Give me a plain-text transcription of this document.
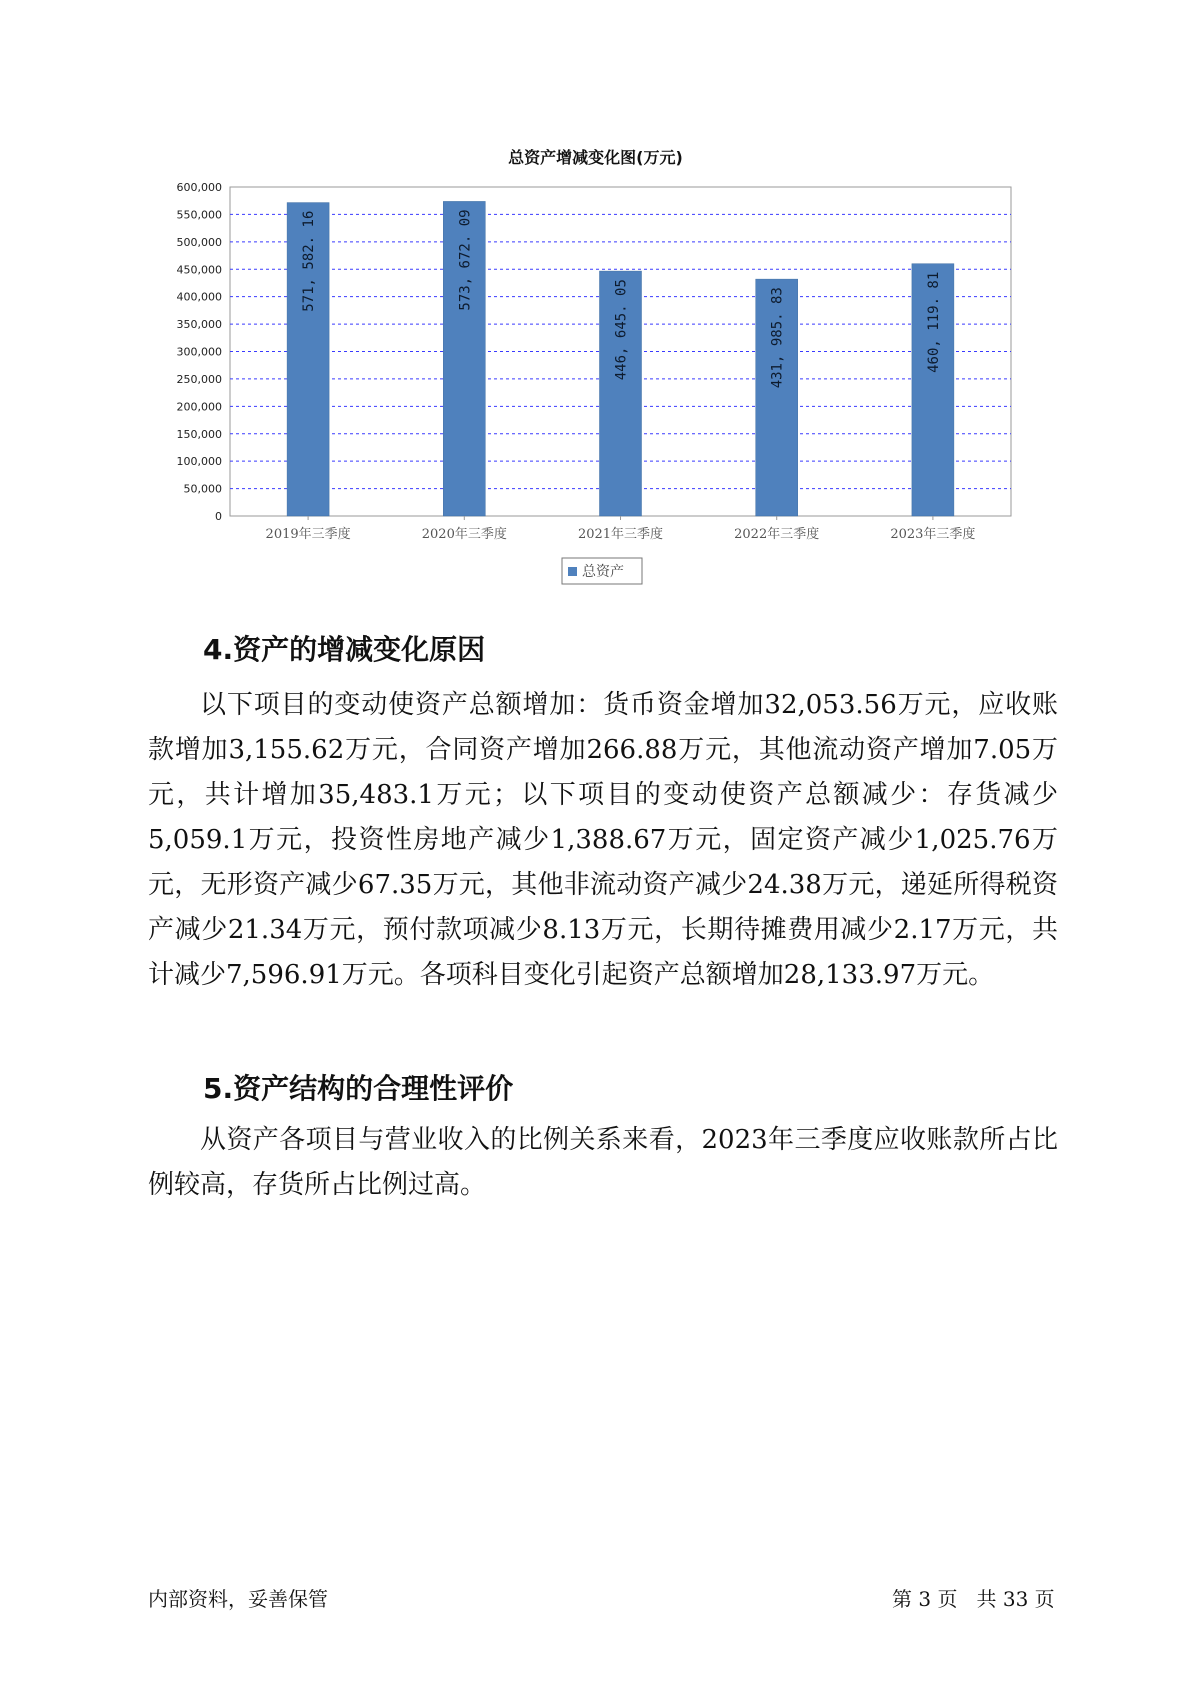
总资产增减变化图(万元)
0
50,000
100,000
150,000
200,000
250,000
300,000
350,000
400,000
450,000
500,000
550,000
600,000
571, 582. 16
2019年三季度
573, 672. 09
2020年三季度
446, 645. 05
2021年三季度
431, 985. 83
2022年三季度
460, 119. 81
2023年三季度
总资产
4.资产的增减变化原因

以下项目的变动使资产总额增加：货币资金增加32,053.56万元，应收账款增加3,155.62万元，合同资产增加266.88万元，其他流动资产增加7.05万元，共计增加35,483.1万元；以下项目的变动使资产总额减少：存货减少5,059.1万元，投资性房地产减少1,388.67万元，固定资产减少1,025.76万元，无形资产减少67.35万元，其他非流动资产减少24.38万元，递延所得税资产减少21.34万元，预付款项减少8.13万元，长期待摊费用减少2.17万元，共计减少7,596.91万元。各项科目变化引起资产总额增加28,133.97万元。

5.资产结构的合理性评价

从资产各项目与营业收入的比例关系来看，2023年三季度应收账款所占比例较高，存货所占比例过高。

内部资料，妥善保管	第 3 页   共 33 页
